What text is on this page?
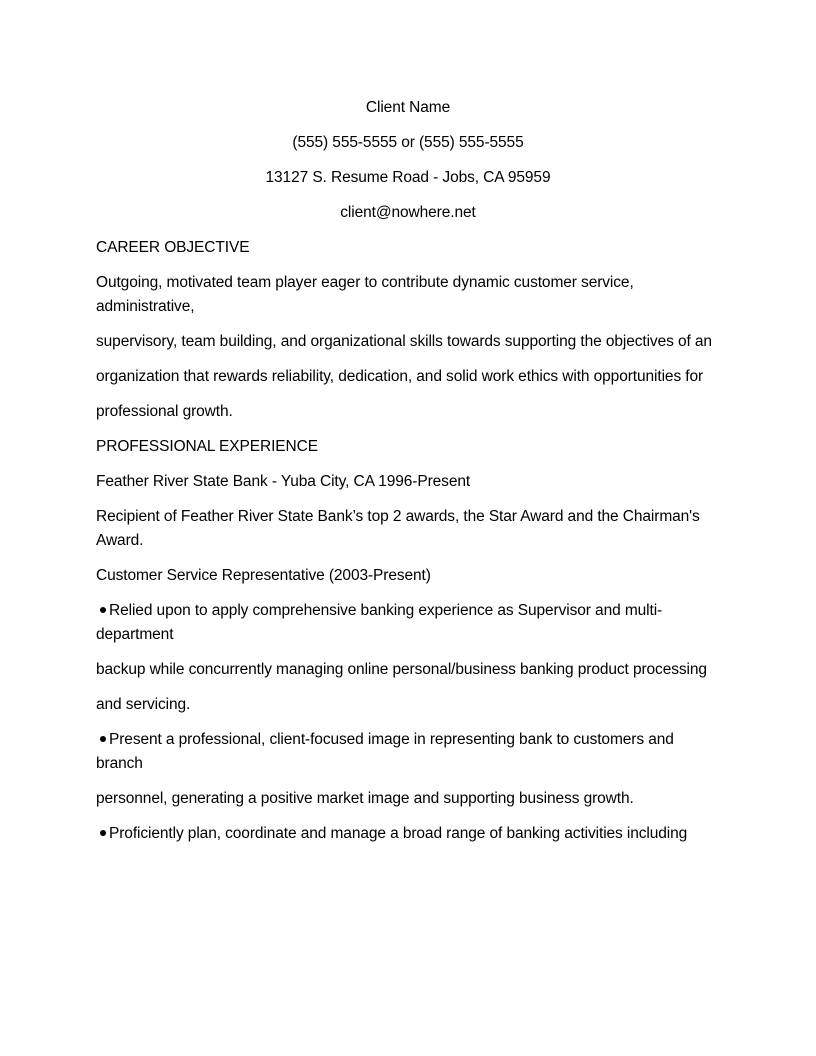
Client Name

(555) 555-5555 or (555) 555-5555

13127 S. Resume Road - Jobs, CA 95959

client@nowhere.net

CAREER OBJECTIVE

Outgoing, motivated team player eager to contribute dynamic customer service, administrative,

supervisory, team building, and organizational skills towards supporting the objectives of an

organization that rewards reliability, dedication, and solid work ethics with opportunities for

professional growth.

PROFESSIONAL EXPERIENCE

Feather River State Bank - Yuba City, CA 1996-Present

Recipient of Feather River State Bank’s top 2 awards, the Star Award and the Chairman's Award.

Customer Service Representative (2003-Present)

Relied upon to apply comprehensive banking experience as Supervisor and multi-department

backup while concurrently managing online personal/business banking product processing

and servicing.

Present a professional, client-focused image in representing bank to customers and branch

personnel, generating a positive market image and supporting business growth.

Proficiently plan, coordinate and manage a broad range of banking activities including
